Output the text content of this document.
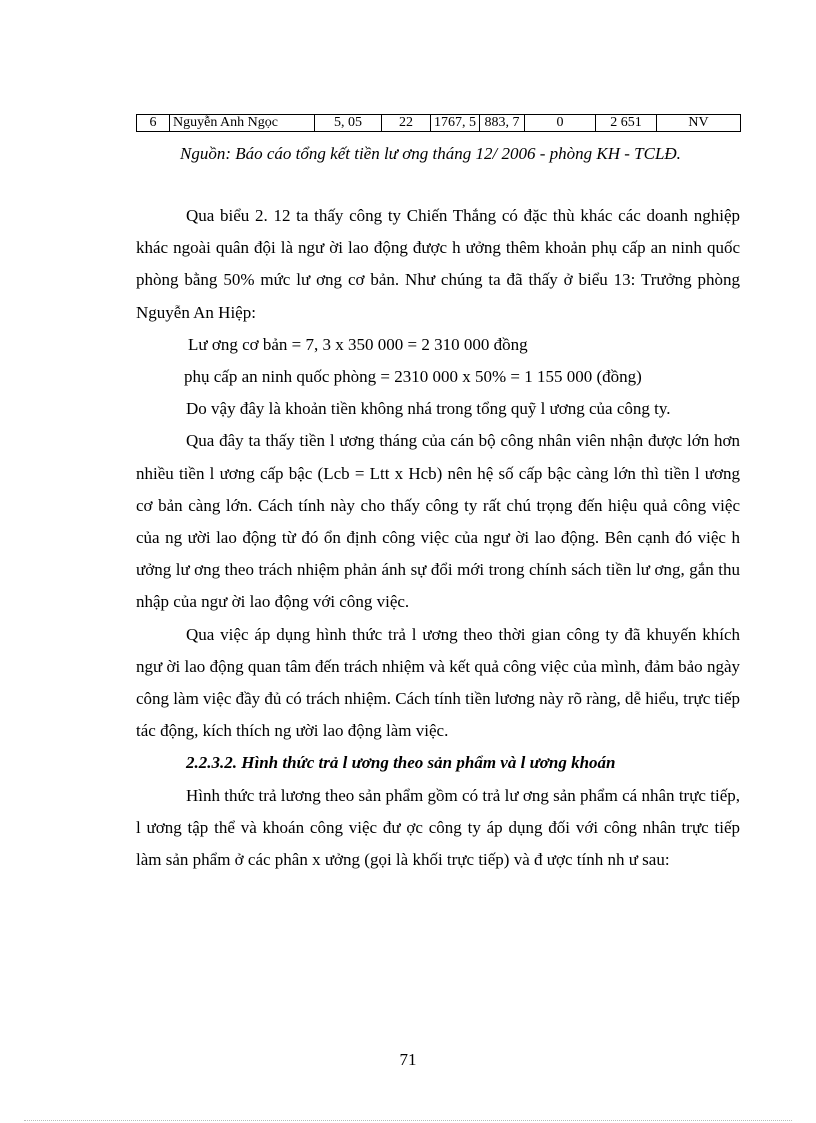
6	Nguyễn Anh Ngọc	5, 05	22	1767, 5	883, 7	0	2 651	NV
Nguồn: Báo cáo tổng kết tiền lư ơng tháng 12/ 2006 - phòng KH - TCLĐ.

Qua biểu 2. 12 ta thấy công ty Chiến Thắng có đặc thù khác các doanh nghiệp khác ngoài quân đội là ngư ời lao động được h ưởng thêm khoản phụ cấp an ninh quốc phòng bằng 50% mức lư ơng cơ bản. Như chúng ta đã thấy ở biểu 13: Trưởng phòng Nguyễn An Hiệp:

Lư ơng cơ bản = 7, 3 x 350 000 = 2 310 000 đồng

phụ cấp an ninh quốc phòng = 2310 000 x 50% = 1 155 000 (đồng)

Do vậy đây là khoản tiền không nhá trong tổng quỹ l ương của công ty.

Qua đây ta thấy tiền l ương tháng của cán bộ công nhân viên nhận được lớn hơn nhiều tiền l ương cấp bậc (Lcb = Ltt x Hcb) nên hệ số cấp bậc càng lớn thì tiền l ương cơ bản càng lớn. Cách tính này cho thấy công ty rất chú trọng đến hiệu quả công việc của ng ười lao động từ đó ổn định công việc của ngư ời lao động. Bên cạnh đó việc h ưởng lư ơng theo trách nhiệm phản ánh sự đổi mới trong chính sách tiền lư ơng, gắn thu nhập của ngư ời lao động với công việc.

Qua việc áp dụng hình thức trả l ương theo thời gian công ty đã khuyến khích ngư ời lao động quan tâm đến trách nhiệm và kết quả công việc của mình, đảm bảo ngày công làm việc đầy đủ có trách nhiệm. Cách tính tiền lương này rõ ràng, dễ hiểu, trực tiếp tác động, kích thích ng ười lao động làm việc.

2.2.3.2. Hình thức trả l ương theo sản phẩm và l ương khoán

Hình thức trả lương theo sản phẩm gồm có trả lư ơng sản phẩm cá nhân trực tiếp, l ương tập thể và khoán công việc đư ợc công ty áp dụng đối với công nhân trực tiếp làm sản phẩm ở các phân x ưởng (gọi là khối trực tiếp) và đ ược tính nh ư sau:

71
